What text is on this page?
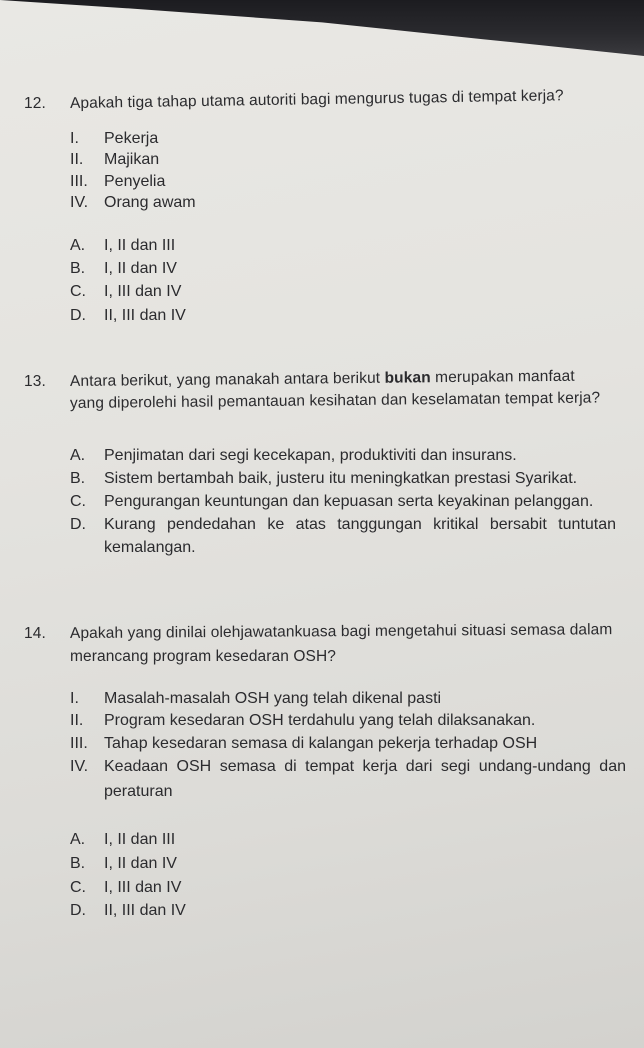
12. Apakah tiga tahap utama autoriti bagi mengurus tugas di tempat kerja?
I. Pekerja
II. Majikan
III. Penyelia
IV. Orang awam
A. I, II dan III
B. I, II dan IV
C. I, III dan IV
D. II, III dan IV
13. Antara berikut, yang manakah antara berikut bukan merupakan manfaat
yang diperolehi hasil pemantauan kesihatan dan keselamatan tempat kerja?
A. Penjimatan dari segi kecekapan, produktiviti dan insurans.
B. Sistem bertambah baik, justeru itu meningkatkan prestasi Syarikat.
C. Pengurangan keuntungan dan kepuasan serta keyakinan pelanggan.
D. Kurang pendedahan ke atas tanggungan kritikal bersabit tuntutan
kemalangan.
14. Apakah yang dinilai olehjawatankuasa bagi mengetahui situasi semasa dalam
merancang program kesedaran OSH?
I. Masalah-masalah OSH yang telah dikenal pasti
II. Program kesedaran OSH terdahulu yang telah dilaksanakan.
III. Tahap kesedaran semasa di kalangan pekerja terhadap OSH
IV. Keadaan OSH semasa di tempat kerja dari segi undang-undang dan
peraturan
A. I, II dan III
B. I, II dan IV
C. I, III dan IV
D. II, III dan IV
